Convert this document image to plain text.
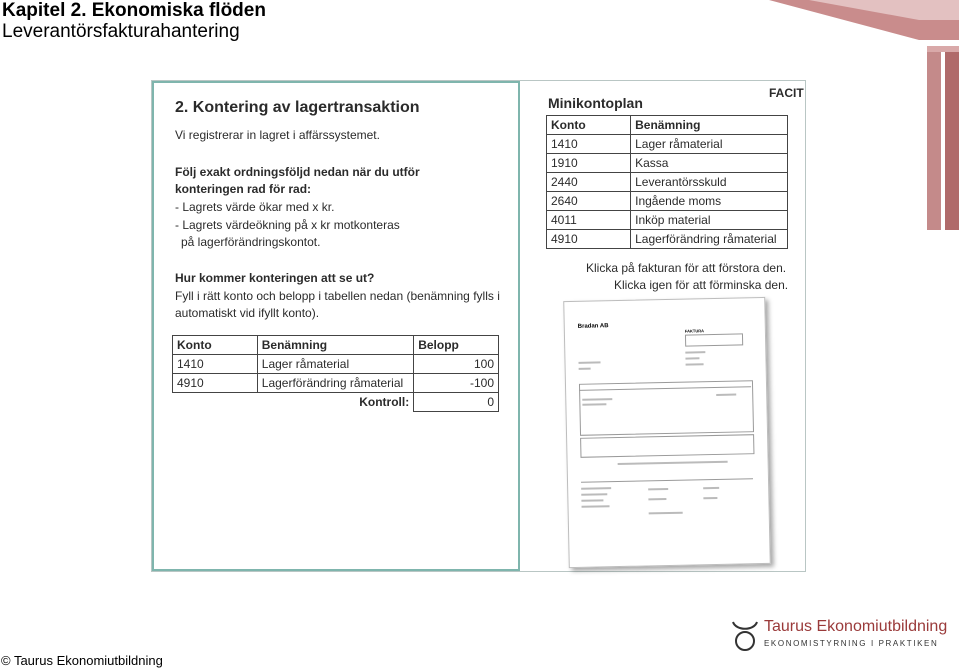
Kapitel 2. Ekonomiska flöden
Leverantörsfakturahantering
2. Kontering av lagertransaktion
Vi registrerar in lagret i affärssystemet.
Följ exakt ordningsföljd nedan när du utför
konteringen rad för rad:
- Lagrets värde ökar med x kr.
- Lagrets värdeökning på x kr motkonteras
på lagerförändringskontot.
Hur kommer konteringen att se ut?
Fyll i rätt konto och belopp i tabellen nedan (benämning fylls i
automatiskt vid ifyllt konto).
Konto	Benämning	Belopp
1410	Lager råmaterial	100
4910	Lagerförändring råmaterial	-100
	Kontroll:	0
FACIT
Minikontoplan
Konto	Benämning
1410	Lager råmaterial
1910	Kassa
2440	Leverantörsskuld
2640	Ingående moms
4011	Inköp material
4910	Lagerförändring råmaterial
Klicka på fakturan för att förstora den.
Klicka igen för att förminska den.
Bradan AB
FAKTURA
© Taurus Ekonomiutbildning
Taurus Ekonomiutbildning
EKONOMISTYRNING I PRAKTIKEN
